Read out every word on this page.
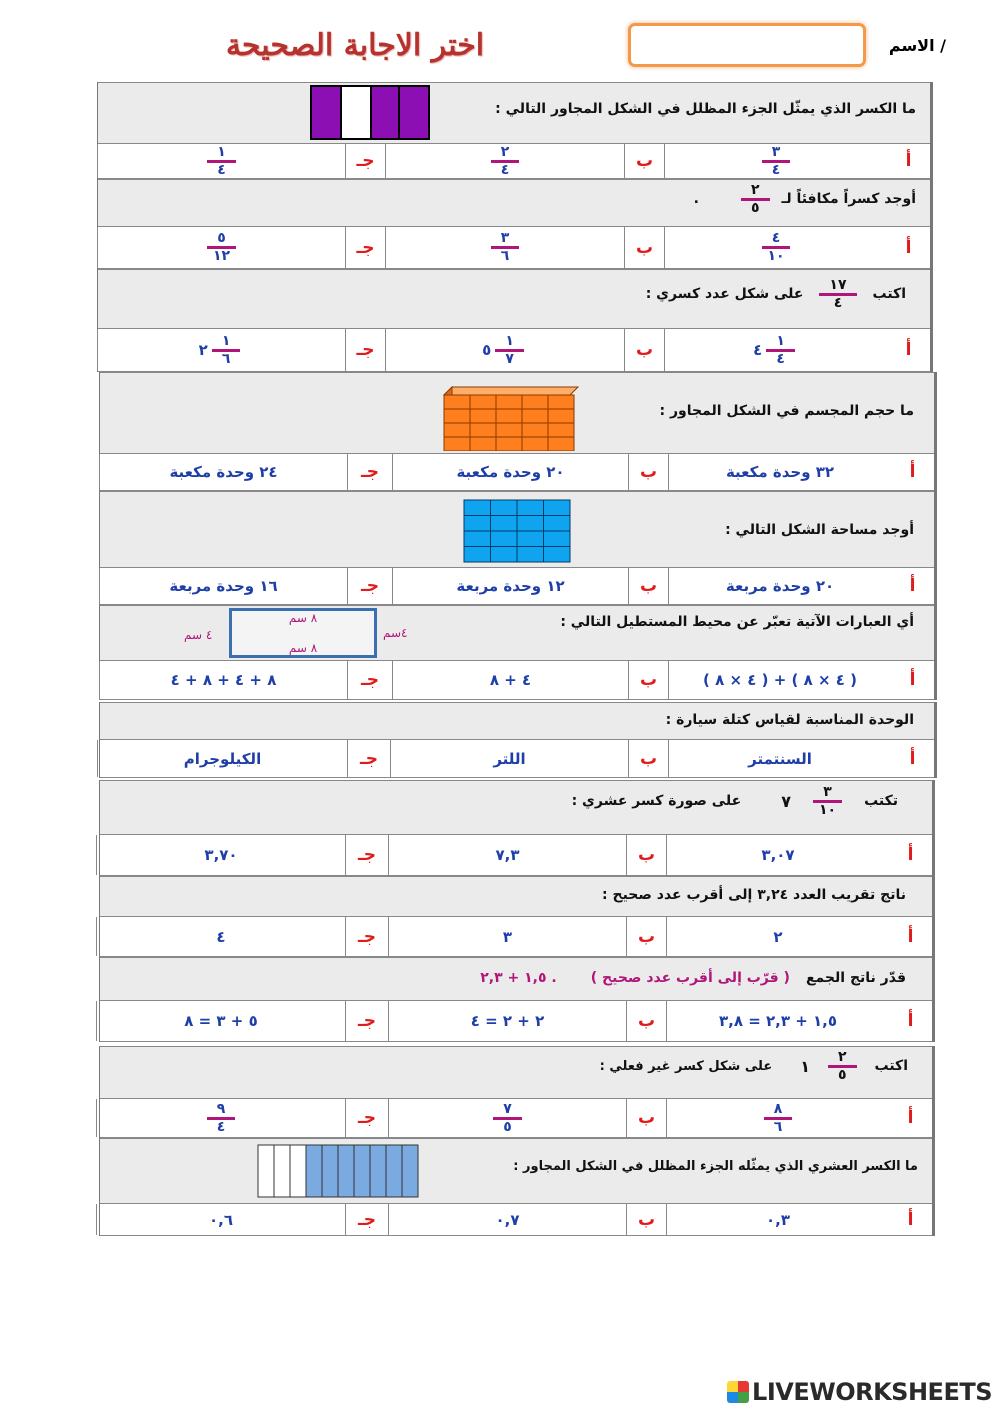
اختر الاجابة الصحيحة	الاسم /
ما الكسر الذي يمثّل الجزء المظلل في الشكل المجاور التالي :
أ
$\frac{٣}{٤}$
ب
$\frac{٢}{٤}$
جـ
$\frac{١}{٤}$
أوجد كسراً مكافئاً لـ
$\frac{٢}{٥}$
.
أ
$\frac{٤}{١٠}$
ب
$\frac{٣}{٦}$
جـ
$\frac{٥}{١٢}$
اكتب
$\frac{١٧}{٤}$
على شكل عدد كسري :
أ
$\frac{١}{٤}$
٤
ب
$\frac{١}{٧}$
٥
جـ
$\frac{١}{٦}$
٢
ما حجم المجسم في الشكل المجاور :
أ
٣٢ وحدة مكعبة
ب
٢٠ وحدة مكعبة
جـ
٢٤ وحدة مكعبة
أوجد مساحة الشكل التالي :
أ
٢٠ وحدة مربعة
ب
١٢ وحدة مربعة
جـ
١٦ وحدة مربعة
أي العبارات الآتية تعبّر عن محيط المستطيل التالي :
٨ سم
٨ سم
٤سم
٤ سم
أ
( ٤ × ٨ ) + ( ٤ × ٨ )
ب
٤ + ٨
جـ
٨ + ٤ + ٨ + ٤
الوحدة المناسبة لقياس كتلة سيارة :
أ
السنتمتر
ب
اللتر
جـ
الكيلوجرام
تكتب
$\frac{٣}{١٠}$
٧
على صورة كسر عشري :
أ
٣,٠٧
ب
٧,٣
جـ
٣,٧٠
ناتج تقريب العدد ٣,٢٤ إلى أقرب عدد صحيح :
أ
٢
ب
٣
جـ
٤
قدّر ناتج الجمع
( قرّب إلى أقرب عدد صحيح )
. ١,٥ + ٢,٣
أ
١,٥ + ٢,٣ = ٣,٨
ب
٢ + ٢ = ٤
جـ
٥ + ٣ = ٨
اكتب
$\frac{٢}{٥}$
١
على شكل كسر غير فعلي :
أ
$\frac{٨}{٦}$
ب
$\frac{٧}{٥}$
جـ
$\frac{٩}{٤}$
ما الكسر العشري الذي يمثّله الجزء المظلل في الشكل المجاور :
أ
٠,٣
ب
٠,٧
جـ
٠,٦
LIVEWORKSHEETS
